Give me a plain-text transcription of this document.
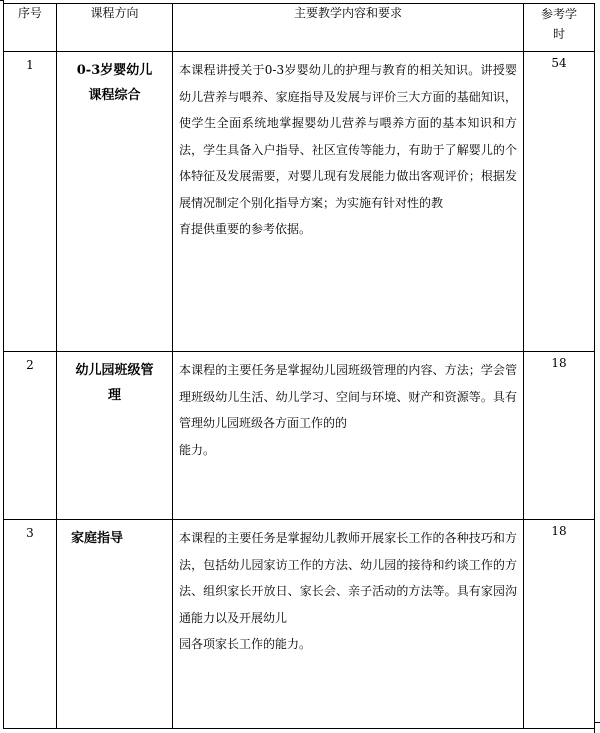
序号	课程方向	主要教学内容和要求	参考学时
1	0-3岁婴幼儿课程综合	本课程讲授关于0-3岁婴幼儿的护理与教育的相关知识。讲授婴幼儿营养与喂养、家庭指导及发展与评价三大方面的基础知识，使学生全面系统地掌握婴幼儿营养与喂养方面的基本知识和方法，学生具备入户指导、社区宣传等能力，有助于了解婴儿的个体特征及发展需要，对婴儿现有发展能力做出客观评价；根据发展情况制定个别化指导方案；为实施有针对性的教
育提供重要的参考依据。	54
2	幼儿园班级管理	本课程的主要任务是掌握幼儿园班级管理的内容、方法；学会管理班级幼儿生活、幼儿学习、空间与环境、财产和资源等。具有管理幼儿园班级各方面工作的的
能力。	18
3	家庭指导	本课程的主要任务是掌握幼儿教师开展家长工作的各种技巧和方法，包括幼儿园家访工作的方法、幼儿园的接待和约谈工作的方法、组织家长开放日、家长会、亲子活动的方法等。具有家园沟通能力以及开展幼儿
园各项家长工作的能力。	18
